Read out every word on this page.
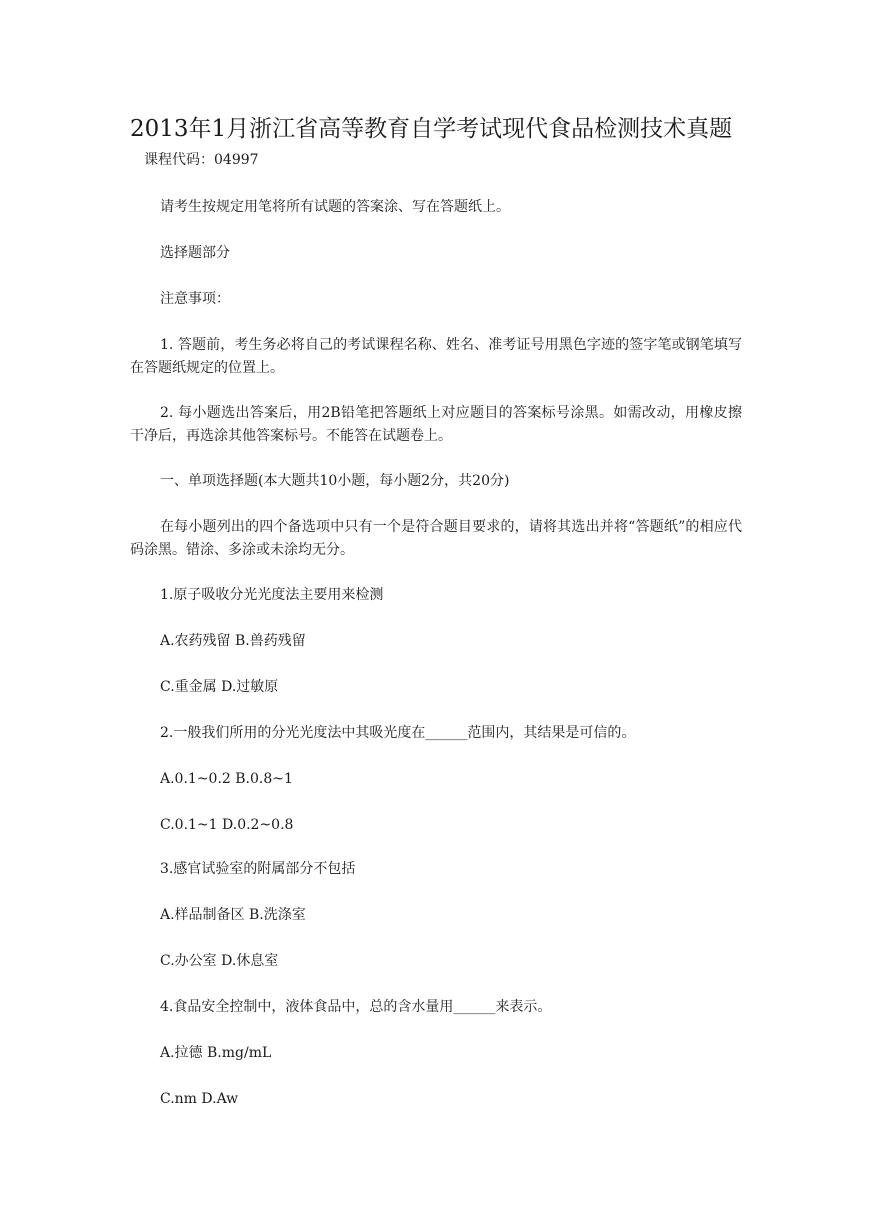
2013年1月浙江省高等教育自学考试现代食品检测技术真题
课程代码：04997
请考生按规定用笔将所有试题的答案涂、写在答题纸上。
选择题部分
注意事项：
1. 答题前，考生务必将自己的考试课程名称、姓名、准考证号用黑色字迹的签字笔或钢笔填写在答题纸规定的位置上。
2. 每小题选出答案后，用2B铅笔把答题纸上对应题目的答案标号涂黑。如需改动，用橡皮擦干净后，再选涂其他答案标号。不能答在试题卷上。
一、单项选择题(本大题共10小题，每小题2分，共20分)
在每小题列出的四个备选项中只有一个是符合题目要求的，请将其选出并将“答题纸”的相应代码涂黑。错涂、多涂或未涂均无分。
1.原子吸收分光光度法主要用来检测
A.农药残留 B.兽药残留
C.重金属 D.过敏原
2.一般我们所用的分光光度法中其吸光度在______范围内，其结果是可信的。
A.0.1~0.2 B.0.8~1
C.0.1~1 D.0.2~0.8
3.感官试验室的附属部分不包括
A.样品制备区 B.洗涤室
C.办公室 D.休息室
4.食品安全控制中，液体食品中，总的含水量用______来表示。
A.拉德 B.mg/mL
C.nm D.Aw
